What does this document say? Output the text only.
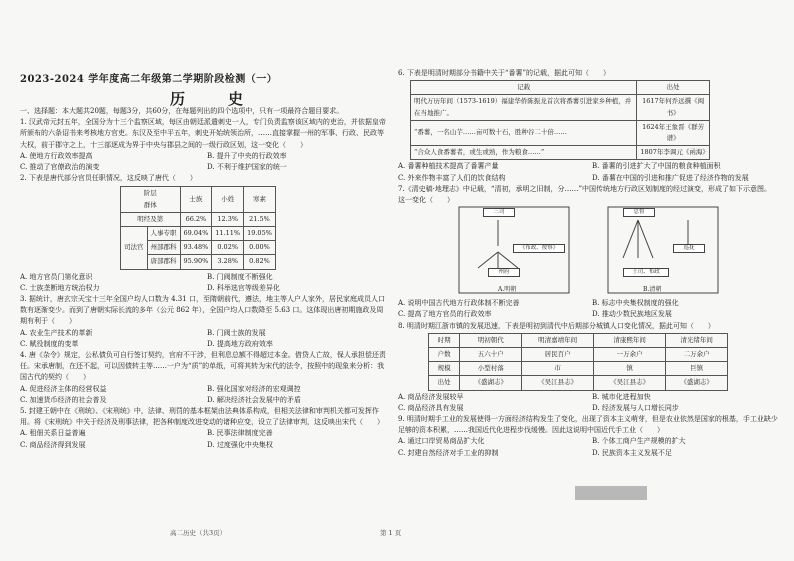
2023-2024 学年度高二年级第二学期阶段检测（一）
历　史

一、选择题：本大题共20题，每题3分，共60分，在每题列出的四个选项中，只有一项最符合题目要求。

1. 汉武帝元封五年，全国分为十三个监察区域，每区由朝廷派遣刺史一人，专门负责监察该区域内的吏治，并依据皇帝所颁布的六条诏书来考核地方官吏。东汉及至中平五年，刺史开始统领治所，……直接掌握一州的军事、行政、民政等大权，前于郡守之上，十三部逐成为界于中央与郡县之间的一级行政区划，这一变化（　　）

A. 使地方行政效率提高	B. 提升了中央的行政效率
C. 推动了官僚政治的演变	D. 不利于维护国家的统一

2. 下表是唐代部分官员任职情况，这反映了唐代（　　）

阶层
群体		士族	小姓	寒素
明经及第		66.2%	12.3%	21.5%
司法官	人事专职	69.04%	11.11%	19.05%
	州部郡科	93.48%	0.02%	0.00%
	唐部郡科	95.90%	3.28%	0.82%
A. 地方官员门第化意识	B. 门阀制度不断强化
C. 士族垄断地方统治权力	D. 科举选官等级差异化

3. 据统计，唐玄宗天宝十三年全国户均人口数为 4.31 口，至隋朝前代，遵法，地主等人户人家外，居民家庭成员人口数有逐渐变少。而到了唐朝实际长流的多年（公元 862 年），全国户均人口数降至 5.63 口。这体现出唐初期施政及周期有利于（　　）

A. 农业生产技术的革新	B. 门阀士族的发展
C. 赋役制度的变革	D. 提高地方政府效率

4. 唐《杂令》规定，公私债负可自行签订契约，官府不干涉，但利息总额不得超过本金。借贷人亡故，保人承担偿还责任。宋承唐制，在还不起，可以因债转主等……一户为“质”的单纸，可将其转为宋代的法令，按照中的现象来分析：我国古代的契约（　　）

A. 促进经济主体的经营权益	B. 强化国家对经济的宏观调控
C. 加速货币经济的社会普及	D. 解决经济社会发展中的矛盾

5. 封建王朝中在《刑统》、《宋刑统》中，法律、刑罚的基本框架由法典体系构成，但相关法律和审判机关都可发挥作用。将《宋刑统》中关于经济及刑事法律，把各种制度改进变动的诸种应变，设立了法律审判，这反映出宋代（　　）

A. 租佃关系日益普遍	B. 民事法律制度完善
C. 商品经济得到发展	D. 过度强化中央集权

6. 下表是明清时期部分书籍中关于“番薯”的记载，据此可知（　　）

记载	出处
明代万历年间（1573-1619）福建华侨陈振龙首次将番薯引进家乡种植，并在当地推广。	1617年何乔远撰《闽书》
“番薯，一名山芋……亩可数十石，胜种谷二十倍……	1624年王象晋《群芳谱》
“合众人食番薯者，或生或熟，作为粮食……”	1807年李调元《函海》
A. 番薯种植技术提高了番薯产量	B. 番薯的引进扩大了中国的粮食种植面积
C. 外来作物丰富了人们的饮食结构	D. 番薯在中国的引进和推广促进了经济作物的发展

7.《清史稿·地理志》中记载，“清初，承明之旧制，分……”中国传统地方行政区划制度的经过演变，形成了如下示意图。这一变化（　　）

三司
《布政、按察》
州府
A.明朝
总督
巡抚
土司、布政
B.清朝
A. 说明中国古代地方行政体制不断完善	B. 标志中央集权制度的强化
C. 提高了地方官员的行政效率	D. 推动少数民族地区发展

8. 明清时期江浙市镇的发展迅速，下表是明初到清代中后期部分城镇人口变化情况，据此可知（　　）

时期	明初朝代	明清嘉靖年间	清康熙年间	清光绪年间
户数	五六十户	居民百户	一万余户	二万余户
规模	小型村落	市	镇	巨镇
出处	《盛湖志》	《吴江县志》	《吴江县志》	《盛湖志》
A. 商品经济发展较早	B. 城市化进程加快
C. 商品经济具有发展	D. 经济发展与人口增长同步

9. 明清时期手工业的发展使得一方面经济结构发生了变化，出现了资本主义萌芽，但是农业依然是国家的根基，手工业缺少足够的资本积累，……我国近代化进程步伐缓慢。因此这说明中国近代手工业（　　）

A. 通过口岸贸易商品扩大化	B. 个体工商户生产规模的扩大
C. 封建自然经济对手工业的抑制	D. 民族资本主义发展不足
高二历史（共3页）	第 1 页
